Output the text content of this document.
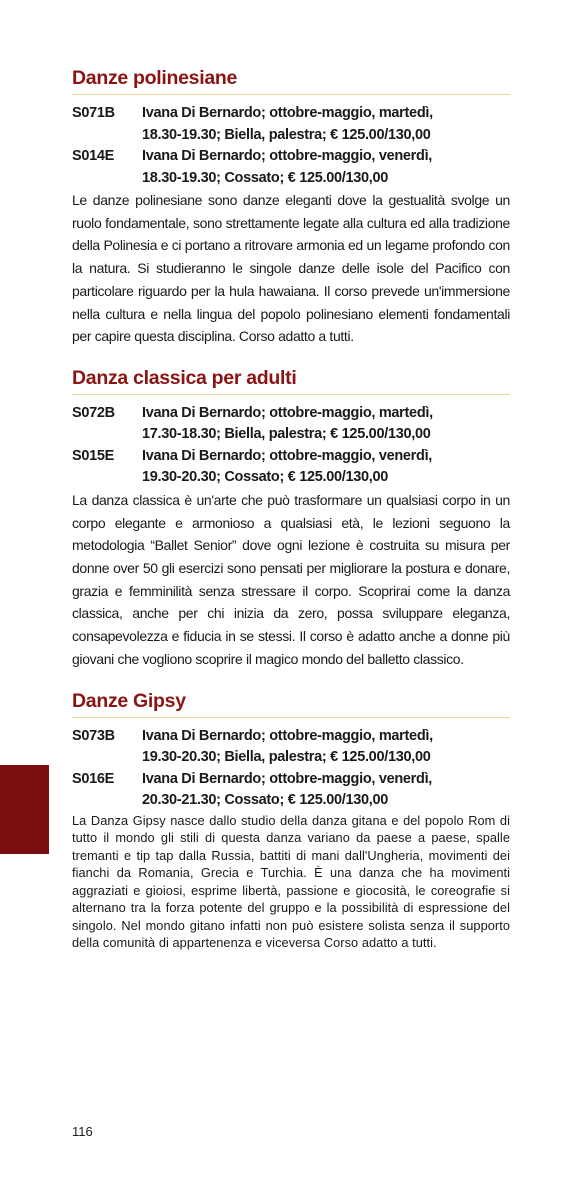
Danze polinesiane
S071B	Ivana Di Bernardo; ottobre-maggio, martedì,
18.30-19.30; Biella, palestra; € 125.00/130,00
S014E	Ivana Di Bernardo; ottobre-maggio, venerdì,
18.30-19.30; Cossato; € 125.00/130,00

Le danze polinesiane sono danze eleganti dove la gestualità svolge un ruolo fondamentale, sono strettamente legate alla cultura ed alla tradizione della Polinesia e ci portano a ritrovare armonia ed un legame profondo con la natura. Si studieranno le singole danze delle isole del Pacifico con particolare riguardo per la hula hawaiana. Il corso prevede un'immersione nella cultura e nella lingua del popolo polinesiano elementi fondamentali per capire questa disciplina. Corso adatto a tutti.

Danza classica per adulti
S072B	Ivana Di Bernardo; ottobre-maggio, martedì,
17.30-18.30; Biella, palestra; € 125.00/130,00
S015E	Ivana Di Bernardo; ottobre-maggio, venerdì,
19.30-20.30; Cossato; € 125.00/130,00

La danza classica è un'arte che può trasformare un qualsiasi corpo in un corpo elegante e armonioso a qualsiasi età, le lezioni seguono la metodologia “Ballet Senior” dove ogni lezione è costruita su misura per donne over 50 gli esercizi sono pensati per migliorare la postura e donare, grazia e femminilità senza stressare il corpo. Scoprirai come la danza classica, anche per chi inizia da zero, possa sviluppare eleganza, consapevolezza e fiducia in se stessi. Il corso è adatto anche a donne più giovani che vogliono scoprire il magico mondo del balletto classico.

Danze Gipsy
S073B	Ivana Di Bernardo; ottobre-maggio, martedì,
19.30-20.30; Biella, palestra; € 125.00/130,00
S016E	Ivana Di Bernardo; ottobre-maggio, venerdì,
20.30-21.30; Cossato; € 125.00/130,00

La Danza Gipsy nasce dallo studio della danza gitana e del popolo Rom di tutto il mondo gli stili di questa danza variano da paese a paese, spalle tremanti e tip tap dalla Russia, battiti di mani dall'Ungheria, movimenti dei fianchi da Romania, Grecia e Turchia. È una danza che ha movimenti aggraziati e gioiosi, esprime libertà, passione e giocosità, le coreografie si alternano tra la forza potente del gruppo e la possibilità di espressione del singolo. Nel mondo gitano infatti non può esistere solista senza il supporto della comunità di appartenenza e viceversa Corso adatto a tutti.

116
